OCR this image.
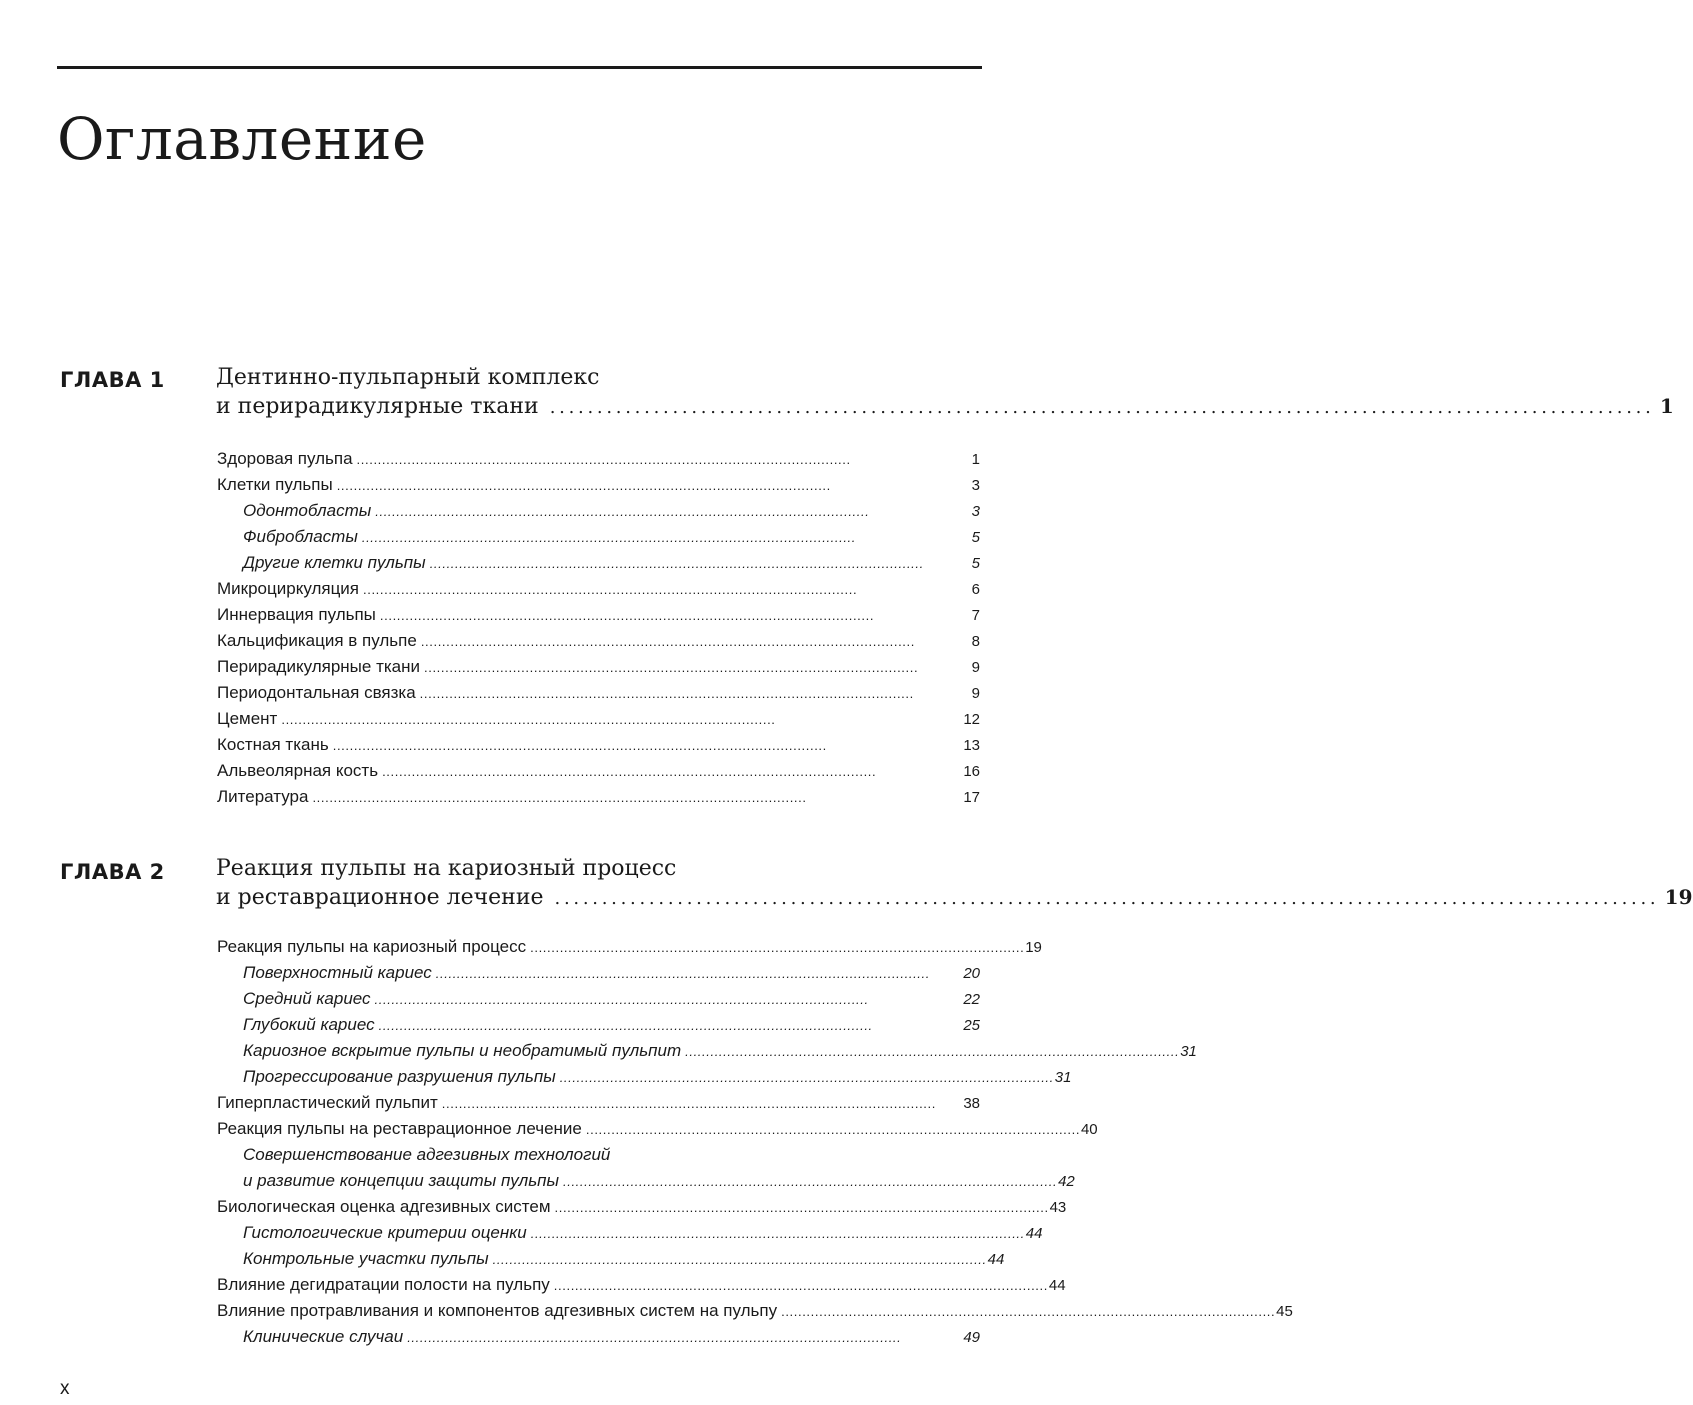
Оглавление
ГЛАВА 1 Дентинно-пульпарный комплекс
и перирадикулярные ткани . . .	1
Здоровая пульпа . . .	1
Клетки пульпы . . .	3
Одонтобласты . . .	3
Фибробласты . . .	5
Другие клетки пульпы . . .	5
Микроциркуляция . . .	6
Иннервация пульпы . . .	7
Кальцификация в пульпе . . .	8
Перирадикулярные ткани . . .	9
Периодонтальная связка . . .	9
Цемент . . .	12
Костная ткань . . .	13
Альвеолярная кость . . .	16
Литература . . .	17
ГЛАВА 2 Реакция пульпы на кариозный процесс
и реставрационное лечение . . .	19
Реакция пульпы на кариозный процесс . . .	19
Поверхностный кариес . . .	20
Средний кариес . . .	22
Глубокий кариес . . .	25
Кариозное вскрытие пульпы и необратимый пульпит . . .	31
Прогрессирование разрушения пульпы . . .	31
Гиперпластический пульпит . . .	38
Реакция пульпы на реставрационное лечение . . .	40
Совершенствование адгезивных технологий
и развитие концепции защиты пульпы . . .	42
Биологическая оценка адгезивных систем . . .	43
Гистологические критерии оценки . . .	44
Контрольные участки пульпы . . .	44
Влияние дегидратации полости на пульпу . . .	44
Влияние протравливания и компонентов адгезивных систем на пульпу . . .	45
Клинические случаи . . .	49
x
